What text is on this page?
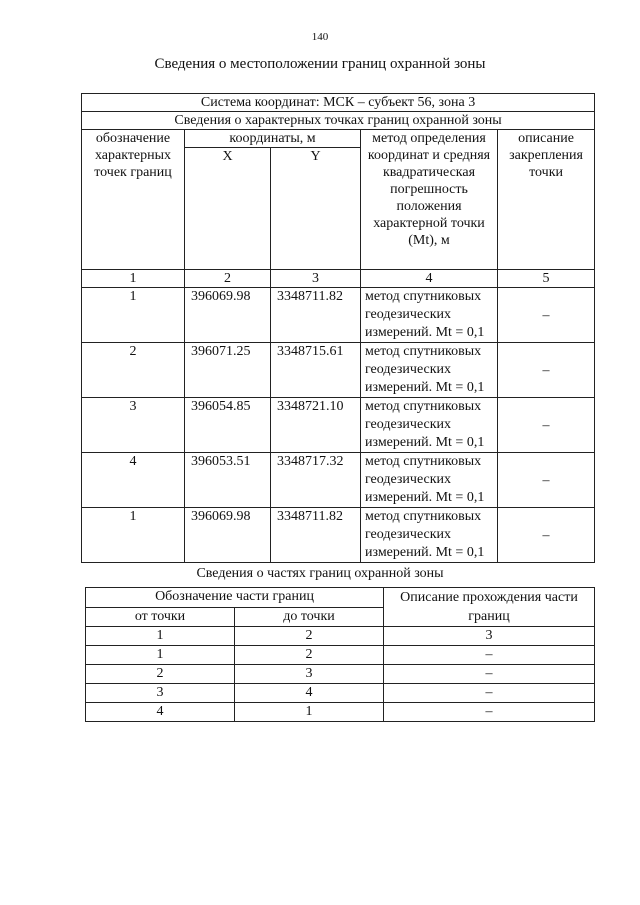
140
Сведения о местоположении границ охранной зоны
Система координат: МСК – субъект 56, зона 3				
Сведения о характерных точках границ охранной зоны				
обозначение характерных точек границ	координаты, м		метод определения координат и средняя квадратическая погрешность положения характерной точки (Mt), м	описание закрепления точки
	X	Y		
1	2	3	4	5
1	396069.98	3348711.82	метод спутниковых геодезических измерений. Mt = 0,1	–
2	396071.25	3348715.61	метод спутниковых геодезических измерений. Mt = 0,1	–
3	396054.85	3348721.10	метод спутниковых геодезических измерений. Mt = 0,1	–
4	396053.51	3348717.32	метод спутниковых геодезических измерений. Mt = 0,1	–
1	396069.98	3348711.82	метод спутниковых геодезических измерений. Mt = 0,1	–
Сведения о частях границ охранной зоны
Обозначение части границ		Описание прохождения части границ
от точки	до точки	
1	2	3
1	2	–
2	3	–
3	4	–
4	1	–
